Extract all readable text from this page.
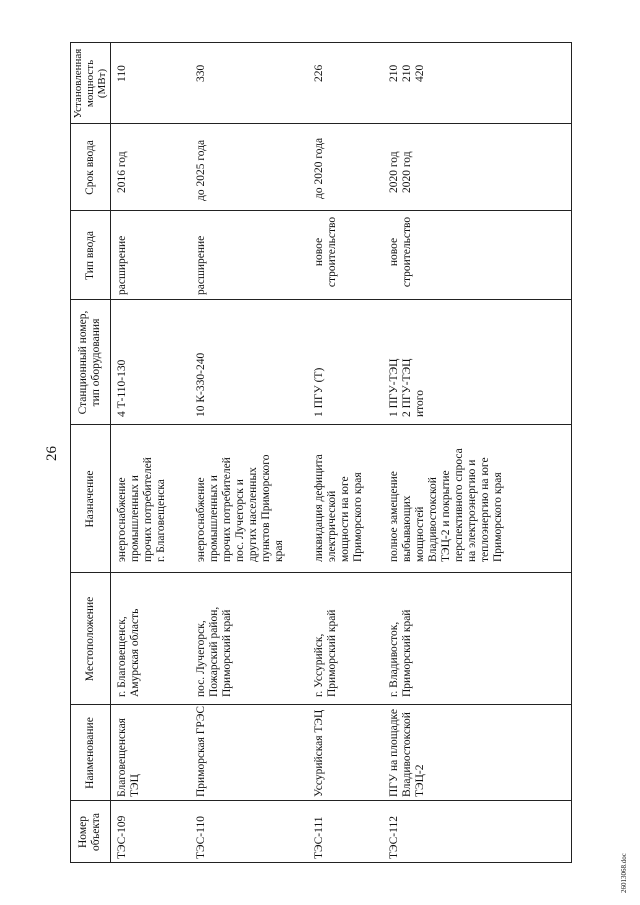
26
26013068.doc
Номер
объекта
Наименование
Местоположение
Назначение
Станционный номер,
тип оборудования
Тип ввода
Срок ввода
Установленная
мощность
(МВт)
ТЭС-109
Благовещенская
ТЭЦ
г. Благовещенск,
Амурская область
энергоснабжение
промышленных и
прочих потребителей
г. Благовещенска
4 Т-110-130
расширение
2016 год
110
ТЭС-110
Приморская ГРЭС
пос. Лучегорск,
Пожарский район,
Приморский край
энергоснабжение
промышленных и
прочих потребителей
пос. Лучегорск и
других населенных
пунктов Приморского
края
10 К-330-240
расширение
до 2025 года
330
ТЭС-111
Уссурийская ТЭЦ
г. Уссурийск,
Приморский край
ликвидация дефицита
электрической
мощности на юге
Приморского края
1 ПГУ (Т)
новое
строительство
до 2020 года
226
ТЭС-112
ПГУ на площадке
Владивостокской
ТЭЦ-2
г. Владивосток,
Приморский край
полное замещение
выбывающих
мощностей
Владивостокской
ТЭЦ-2 и покрытие
перспективного спроса
на электроэнергию и
теплоэнергию на юге
Приморского края
1 ПГУ-ТЭЦ
2 ПГУ-ТЭЦ
итого
новое
строительство
2020 год
2020 год
210
210
420
